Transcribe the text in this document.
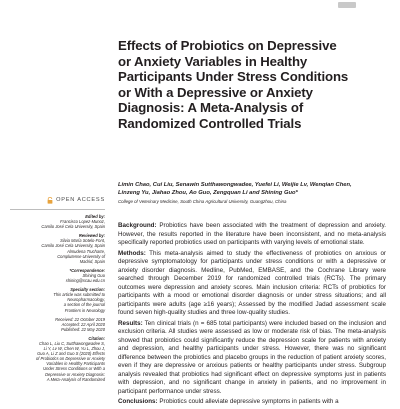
Effects of Probiotics on Depressive
or Anxiety Variables in Healthy
Participants Under Stress Conditions
or With a Depressive or Anxiety
Diagnosis: A Meta-Analysis of
Randomized Controlled Trials
Limin Chao, Cui Liu, Senawin Sutthawongwadee, Yuefei Li, Weijie Lv, Wenqian Chen,
Linzeng Yu, Jiahao Zhou, Ao Guo, Zengquan Li and Shining Guo*
College of Veterinary Medicine, South China Agricultural University, Guangzhou, China
OPEN ACCESS
Edited by:
Francisco Lopez-Munoz,
Camilo José Cela University, Spain
Reviewed by:
Silvia María Sotelo-Font,
Camilo José Cela University, Spain
Almudena Trucharte,
Complutense University of
Madrid, Spain
*Correspondence:
Shining Guo
shining@scau.edu.cn
Specialty section:
This article was submitted to
Neuropharmacology,
a section of the journal
Frontiers in Neurology
Received: 22 October 2019
Accepted: 22 April 2020
Published: 22 May 2020
Citation:
Chao L, Liu C, Sutthawongwadee S,
Li Y, Lv W, Chen W, Yu L, Zhou J,
Guo A, Li Z and Guo S (2020) Effects
of Probiotics on Depressive or Anxiety
Variables in Healthy Participants
Under Stress Conditions or With a
Depressive or Anxiety Diagnosis:
A Meta-Analysis of Randomized

Background: Probiotics have been associated with the treatment of depression and anxiety. However, the results reported in the literature have been inconsistent, and no meta-analysis specifically reported probiotics used on participants with varying levels of emotional state.

Methods: This meta-analysis aimed to study the effectiveness of probiotics on anxious or depressive symptomatology for participants under stress conditions or with a depressive or anxiety disorder diagnosis. Medline, PubMed, EMBASE, and the Cochrane Library were searched through December 2019 for randomized controlled trials (RCTs). The primary outcomes were depression and anxiety scores. Main inclusion criteria: RCTs of probiotics for participants with a mood or emotional disorder diagnosis or under stress situations; and all participants were adults (age ≥16 years); Assessed by the modified Jadad assessment scale found seven high-quality studies and three low-quality studies.

Results: Ten clinical trials (n = 685 total participants) were included based on the inclusion and exclusion criteria. All studies were assessed as low or moderate risk of bias. The meta-analysis showed that probiotics could significantly reduce the depression scale for patients with anxiety and depression, and healthy participants under stress. However, there was no significant difference between the probiotics and placebo groups in the reduction of patient anxiety scores, even if they are depressive or anxious patients or healthy participants under stress. Subgroup analysis revealed that probiotics had significant effect on depressive symptoms just in patients with depression, and no significant change in anxiety in patients, and no improvement in participant performance under stress.

Conclusions: Probiotics could alleviate depressive symptoms in patients with a
